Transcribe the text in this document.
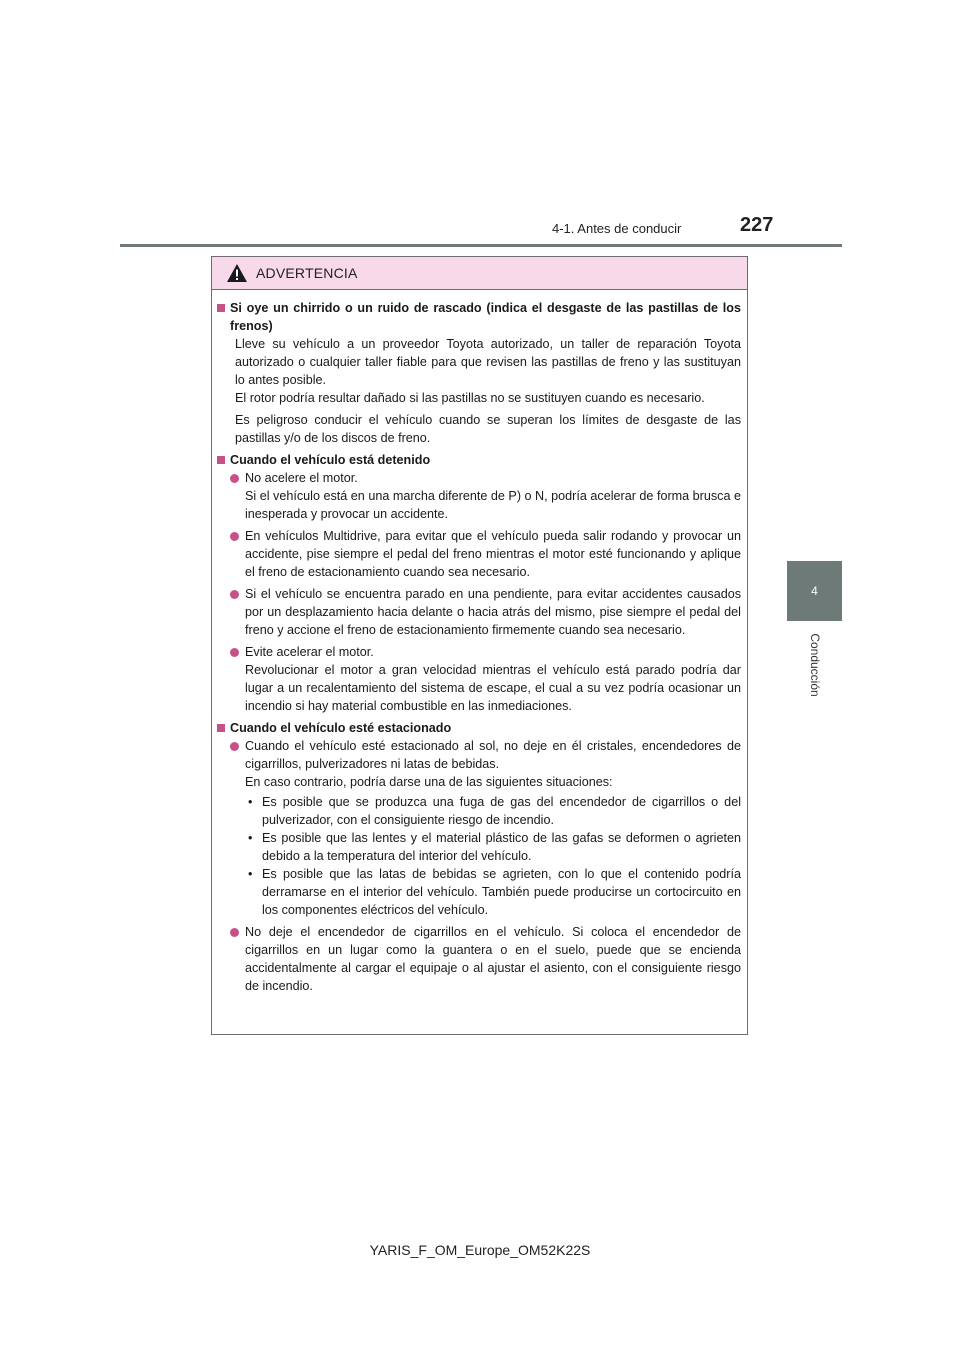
4-1. Antes de conducir	227
4
Conducción
ADVERTENCIA
Si oye un chirrido o un ruido de rascado (indica el desgaste de las pastillas de los frenos)
Lleve su vehículo a un proveedor Toyota autorizado, un taller de reparación Toyota autorizado o cualquier taller fiable para que revisen las pastillas de freno y las sustituyan lo antes posible.
El rotor podría resultar dañado si las pastillas no se sustituyen cuando es necesario.
Es peligroso conducir el vehículo cuando se superan los límites de desgaste de las pastillas y/o de los discos de freno.
Cuando el vehículo está detenido
No acelere el motor.
Si el vehículo está en una marcha diferente de P) o N, podría acelerar de forma brusca e inesperada y provocar un accidente.
En vehículos Multidrive, para evitar que el vehículo pueda salir rodando y provocar un accidente, pise siempre el pedal del freno mientras el motor esté funcionando y aplique el freno de estacionamiento cuando sea necesario.
Si el vehículo se encuentra parado en una pendiente, para evitar accidentes causados por un desplazamiento hacia delante o hacia atrás del mismo, pise siempre el pedal del freno y accione el freno de estacionamiento firmemente cuando sea necesario.
Evite acelerar el motor.
Revolucionar el motor a gran velocidad mientras el vehículo está parado podría dar lugar a un recalentamiento del sistema de escape, el cual a su vez podría ocasionar un incendio si hay material combustible en las inmediaciones.
Cuando el vehículo esté estacionado
Cuando el vehículo esté estacionado al sol, no deje en él cristales, encendedores de cigarrillos, pulverizadores ni latas de bebidas.
En caso contrario, podría darse una de las siguientes situaciones:
• Es posible que se produzca una fuga de gas del encendedor de cigarrillos o del pulverizador, con el consiguiente riesgo de incendio.
• Es posible que las lentes y el material plástico de las gafas se deformen o agrieten debido a la temperatura del interior del vehículo.
• Es posible que las latas de bebidas se agrieten, con lo que el contenido podría derramarse en el interior del vehículo. También puede producirse un cortocircuito en los componentes eléctricos del vehículo.
No deje el encendedor de cigarrillos en el vehículo. Si coloca el encendedor de cigarrillos en un lugar como la guantera o en el suelo, puede que se encienda accidentalmente al cargar el equipaje o al ajustar el asiento, con el consiguiente riesgo de incendio.
YARIS_F_OM_Europe_OM52K22S
